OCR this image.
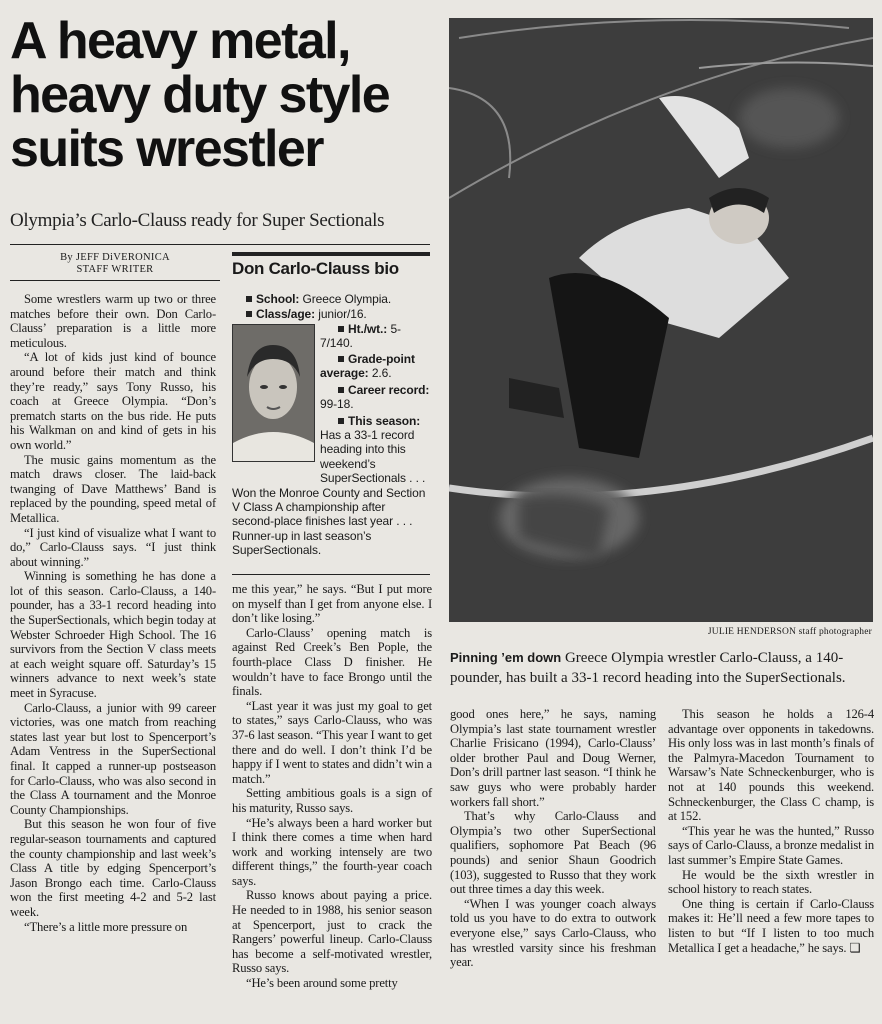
A heavy metal,
heavy duty style
suits wrestler
Olympia’s Carlo-Clauss ready for Super Sectionals
By JEFF DiVERONICA
STAFF WRITER

Some wrestlers warm up two or three matches before their own. Don Carlo-Clauss’ preparation is a little more meticulous.

“A lot of kids just kind of bounce around before their match and think they’re ready,” says Tony Russo, his coach at Greece Olympia. “Don’s prematch starts on the bus ride. He puts his Walkman on and kind of gets in his own world.”

The music gains momentum as the match draws closer. The laid-back twanging of Dave Matthews’ Band is replaced by the pounding, speed metal of Metallica.

“I just kind of visualize what I want to do,” Carlo-Clauss says. “I just think about winning.”

Winning is something he has done a lot of this season. Carlo-Clauss, a 140-pounder, has a 33-1 record heading into the SuperSectionals, which begin today at Webster Schroeder High School. The 16 survivors from the Section V class meets at each weight square off. Saturday’s 15 winners advance to next week’s state meet in Syracuse.

Carlo-Clauss, a junior with 99 career victories, was one match from reaching states last year but lost to Spencerport’s Adam Ventress in the SuperSectional final. It capped a runner-up postseason for Carlo-Clauss, who was also second in the Class A tournament and the Monroe County Championships.

But this season he won four of five regular-season tournaments and captured the county championship and last week’s Class A title by edging Spencerport’s Jason Brongo each time. Carlo-Clauss won the first meeting 4-2 and 5-2 last week.

“There’s a little more pressure on

Don Carlo-Clauss bio
School: Greece Olympia.
Class/age: junior/16.
Ht./wt.: 5-7/140.
Grade-point average: 2.6.
Career record: 99-18.
This season:
Has a 33-1 record heading into this weekend’s SuperSectionals . . . Won the Monroe County and Section V Class A championship after second-place finishes last year . . . Runner-up in last season’s SuperSectionals.

me this year,” he says. “But I put more on myself than I get from anyone else. I don’t like losing.”

Carlo-Clauss’ opening match is against Red Creek’s Ben Pople, the fourth-place Class D finisher. He wouldn’t have to face Brongo until the finals.

“Last year it was just my goal to get to states,” says Carlo-Clauss, who was 37-6 last season. “This year I want to get there and do well. I don’t think I’d be happy if I went to states and didn’t win a match.”

Setting ambitious goals is a sign of his maturity, Russo says.

“He’s always been a hard worker but I think there comes a time when hard work and working intensely are two different things,” the fourth-year coach says.

Russo knows about paying a price. He needed to in 1988, his senior season at Spencerport, just to crack the Rangers’ powerful lineup. Carlo-Clauss has become a self-motivated wrestler, Russo says.

“He’s been around some pretty

JULIE HENDERSON staff photographer
Pinning ’em down Greece Olympia wrestler Carlo-Clauss, a 140-pounder, has built a 33-1 record heading into the SuperSectionals.

good ones here,” he says, naming Olympia’s last state tournament wrestler Charlie Frisicano (1994), Carlo-Clauss’ older brother Paul and Doug Werner, Don’s drill partner last season. “I think he saw guys who were probably harder workers fall short.”

That’s why Carlo-Clauss and Olympia’s two other SuperSectional qualifiers, sophomore Pat Beach (96 pounds) and senior Shaun Goodrich (103), suggested to Russo that they work out three times a day this week.

“When I was younger coach always told us you have to do extra to outwork everyone else,” says Carlo-Clauss, who has wrestled varsity since his freshman year.

This season he holds a 126-4 advantage over opponents in takedowns. His only loss was in last month’s finals of the Palmyra-Macedon Tournament to Warsaw’s Nate Schneckenburger, who is not at 140 pounds this weekend. Schneckenburger, the Class C champ, is at 152.

“This year he was the hunted,” Russo says of Carlo-Clauss, a bronze medalist in last summer’s Empire State Games.

He would be the sixth wrestler in school history to reach states.

One thing is certain if Carlo-Clauss makes it: He’ll need a few more tapes to listen to but “If I listen to too much Metallica I get a headache,” he says. ❏
